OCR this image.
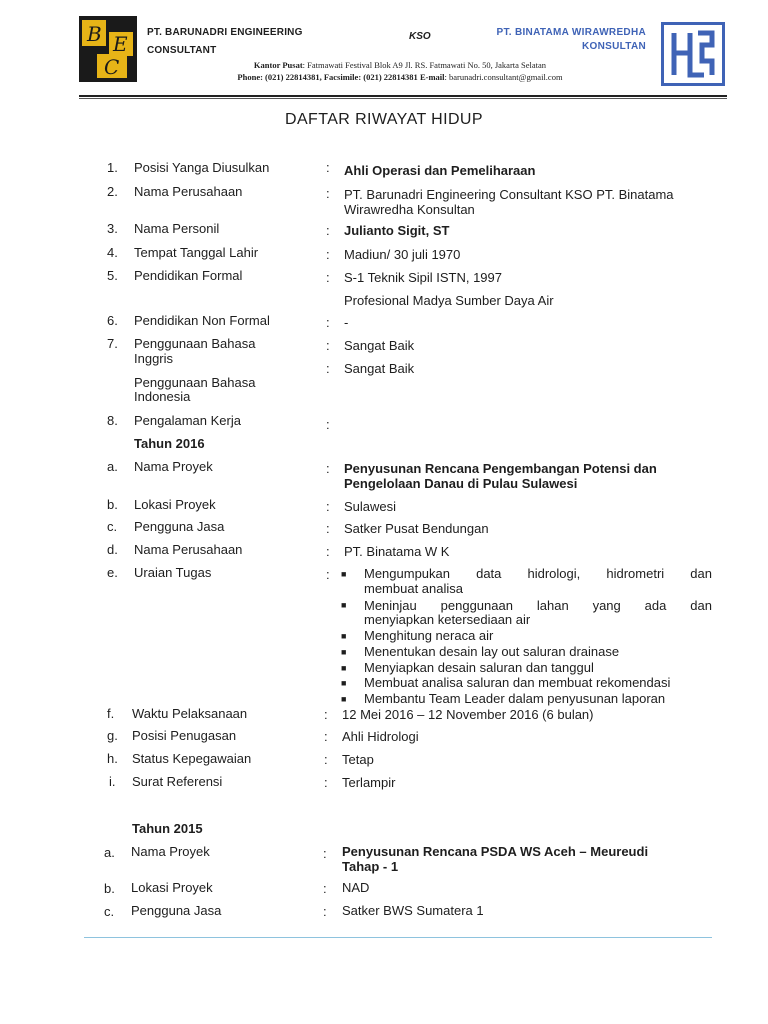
B E
C
PT. BARUNADRI ENGINEERING
CONSULTANT
KSO	PT. BINATAMA WIRAWREDHA
KONSULTAN
Kantor Pusat: Fatmawati Festival Blok A9 Jl. RS. Fatmawati No. 50, Jakarta Selatan
Phone: (021) 22814381, Facsimile: (021) 22814381 E-mail: barunadri.consultant@gmail.com
DAFTAR RIWAYAT HIDUP
1. Posisi Yanga Diusulkan	: Ahli Operasi dan Pemeliharaan
2. Nama Perusahaan	: PT. Barunadri Engineering Consultant KSO PT. Binatama
Wirawredha Konsultan
3. Nama Personil	: Julianto Sigit, ST
4. Tempat Tanggal Lahir	: Madiun/ 30 juli 1970
5. Pendidikan Formal	: S-1 Teknik Sipil ISTN, 1997
Profesional Madya Sumber Daya Air
6. Pendidikan Non Formal	: -
7. Penggunaan Bahasa
Inggris
: Sangat Baik
Penggunaan Bahasa
Indonesia
: Sangat Baik
8. Pengalaman Kerja	:
Tahun 2016
a. Nama Proyek	: Penyusunan Rencana Pengembangan Potensi dan
Pengelolaan Danau di Pulau Sulawesi
b. Lokasi Proyek	: Sulawesi
c. Pengguna Jasa	: Satker Pusat Bendungan
d. Nama Perusahaan	: PT. Binatama W K
e. Uraian Tugas	: ■ Mengumpukan data hidrologi, hidrometri dan
membuat analisa
■ Meninjau penggunaan lahan yang ada dan
menyiapkan ketersediaan air
■ Menghitung neraca air
■ Menentukan desain lay out saluran drainase
■ Menyiapkan desain saluran dan tanggul
■ Membuat analisa saluran dan membuat rekomendasi
■ Membantu Team Leader dalam penyusunan laporan
f. Waktu Pelaksanaan	: 12 Mei 2016 – 12 November 2016 (6 bulan)
g. Posisi Penugasan	: Ahli Hidrologi
h. Status Kepegawaian	: Tetap
i. Surat Referensi	: Terlampir
Tahun 2015
a. Nama Proyek	: Penyusunan Rencana PSDA WS Aceh – Meureudi
Tahap - 1
b. Lokasi Proyek	: NAD
c. Pengguna Jasa	: Satker BWS Sumatera 1
